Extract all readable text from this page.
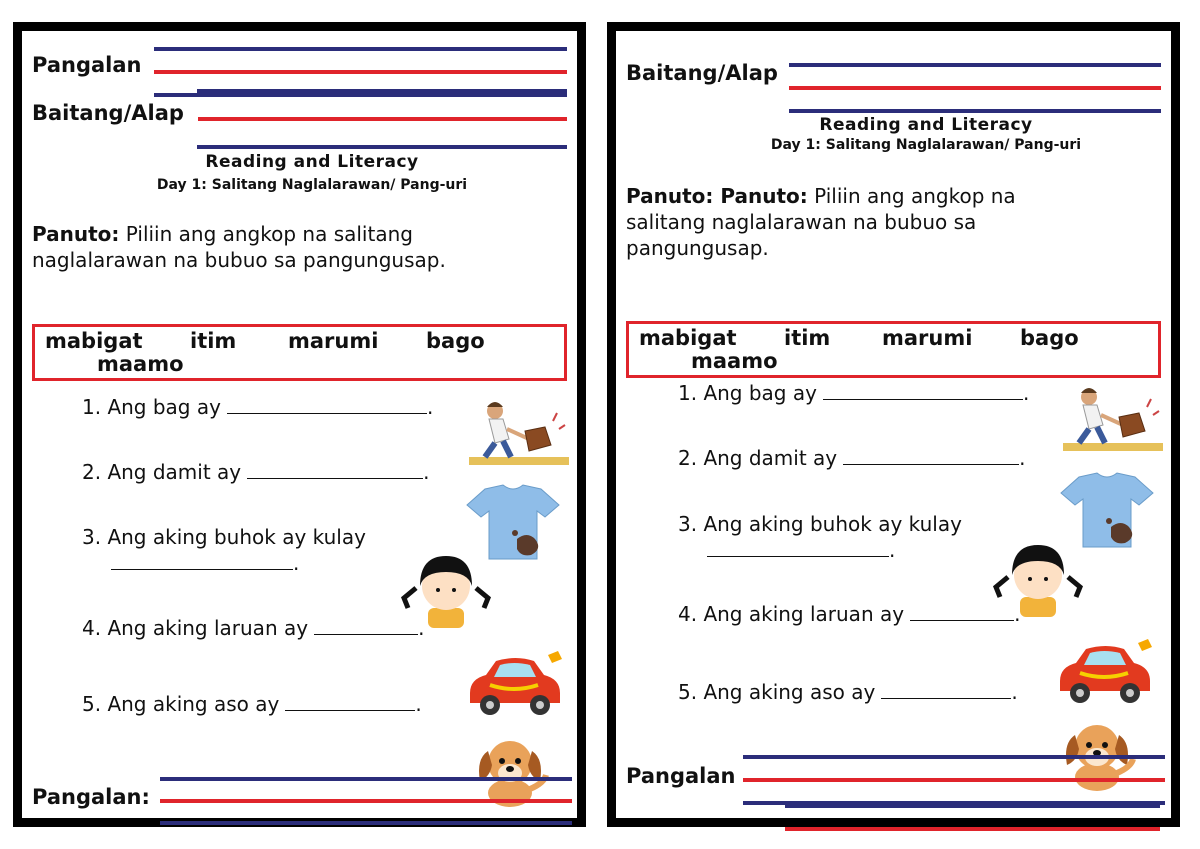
Pangalan
Baitang/Alap
Reading and Literacy
Day 1: Salitang Naglalarawan/ Pang-uri
Panuto: Piliin ang angkop na salitang naglalarawan na bubuo sa pangungusap.
mabigat itim marumi bago
maamo
1. Ang bag ay	.
2. Ang damit ay	.
3. Ang aking buhok ay kulay
.
4. Ang aking laruan ay	.
5. Ang aking aso ay	.
Pangalan:
Baitang/Alap
Reading and Literacy
Day 1: Salitang Naglalarawan/ Pang-uri
Panuto: Panuto: Piliin ang angkop na salitang naglalarawan na bubuo sa pangungusap.
mabigat itim marumi bago
maamo
1. Ang bag ay	.
2. Ang damit ay	.
3. Ang aking buhok ay kulay
.
4. Ang aking laruan ay	.
5. Ang aking aso ay	.
Pangalan
